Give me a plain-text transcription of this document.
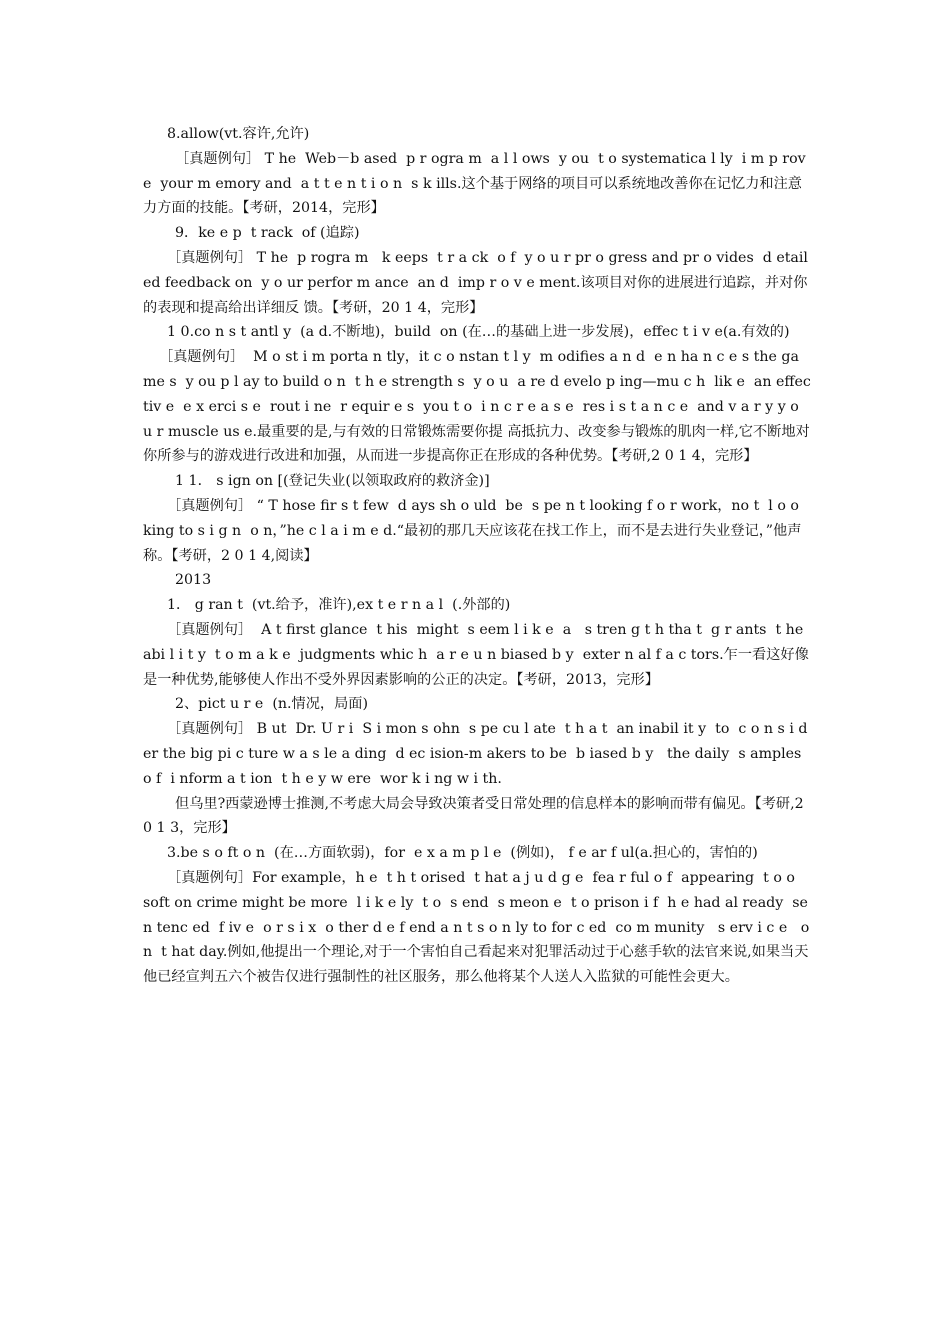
8.allow(vt.容许,允许)

［真题例句］ T he  Web－b ased  p r ogra m  a l l ows  y ou  t o systematica l ly  i m p rove  your m emory and  a t t e n t i o n  s k ills.这个基于网络的项目可以系统地改善你在记忆力和注意力方面的技能。【考研，2014，完形】

9．ke e p  t rack  of (追踪)

［真题例句］ T he  p rogra m   k eeps  t r a ck  o f  y o u r pr o gress and pr o vides  d etailed feedback on  y o ur perfor m ance  an d  imp r o v e ment.该项目对你的进展进行追踪，并对你的表现和提高给出详细反 馈。【考研，20 1 4，完形】

1 0.co n s t antl y  (a d.不断地)，build  on (在…的基础上进一步发展)，effec t i v e(a.有效的)

［真题例句］  M o st i m porta n tly，it c o nstan t l y  m odifies a n d  e n ha n c e s the game s  y ou p l ay to build o n  t h e strength s  y o u  a re d evelo p ing—mu c h  lik e  an effectiv e  e x erci s e  rout i ne  r equir e s  you t o  i n c r e a s e  res i s t a n c e  and v a r y y o u r muscle us e.最重要的是,与有效的日常锻炼需要你提 高抵抗力、改变参与锻炼的肌肉一样,它不断地对你所参与的游戏进行改进和加强，从而进一步提高你正在形成的各种优势。【考研,2 0 1 4，完形】

1 1． s ign on [(登记失业(以领取政府的救济金)]

［真题例句］ “ T hose fir s t few  d ays sh o uld  be  s pe n t looking f o r work，no t  l o o king to s i g n  o n，”he c l a i m e d.“最初的那几天应该花在找工作上，而不是去进行失业登记，”他声称。【考研，2 0 1 4,阅读】

2013

1． g ran t  (vt.给予，准许),ex t e r n a l  (.外部的)

［真题例句］  A t first glance  t his  might  s eem l i k e  a   s tren g t h tha t  g r ants  t he  abi l i t y  t o m a k e  judgments whic h  a r e u n biased b y  exter n al f a c tors.乍一看这好像是一种优势,能够使人作出不受外界因素影响的公正的决定。【考研，2013，完形】

2、pict u r e  (n.情况，局面)

［真题例句］ B ut  Dr. U r i  S i mon s ohn  s pe cu l ate  t h a t  an inabil it y  to  c o n s i der the big pi c ture w a s le a ding  d ec ision-m akers to be  b iased b y   the daily  s amples o f  i nform a t ion  t h e y w ere  wor k i ng w i th.

但乌里?西蒙逊博士推测,不考虑大局会导致决策者受日常处理的信息样本的影响而带有偏见。【考研,20 1 3，完形】

3.be s o ft o n  (在…方面软弱)，for  e x a m p l e  (例如)， f e ar f ul(a.担心的，害怕的)

［真题例句］For example，h e  t h t orised  t hat a j u d g e  fea r ful o f  appearing  t o o  soft on crime might be more  l i k e ly  t o  s end  s meon e  t o prison i f  h e had al ready  sen tenc ed  f iv e  o r s i x  o ther d e f end a n t s o n ly to for c ed  co m munity   s erv i c e   on  t hat day.例如,他提出一个理论,对于一个害怕自己看起来对犯罪活动过于心慈手软的法官来说,如果当天他已经宣判五六个被告仅进行强制性的社区服务，那么他将某个人送人入监狱的可能性会更大。
